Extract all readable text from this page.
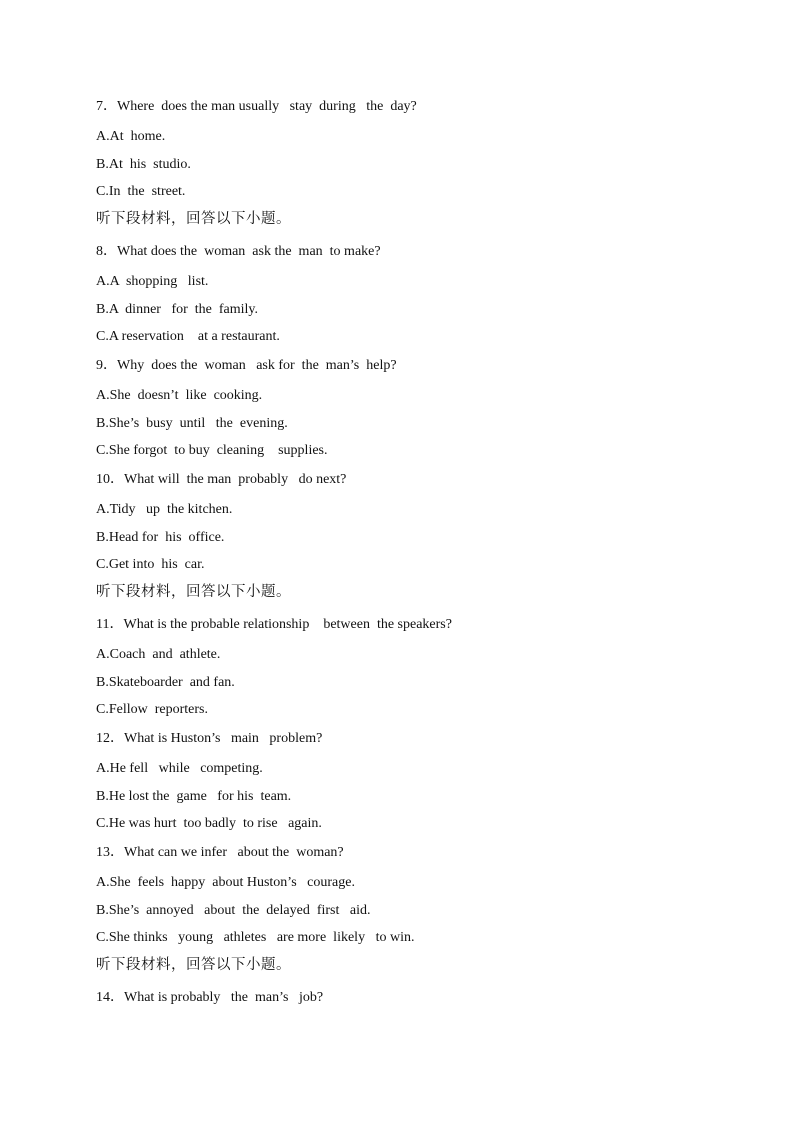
7．Where  does the man usually   stay  during   the  day?
A.At  home.
B.At  his  studio.
C.In  the  street.
听下段材料，回答以下小题。
8．What does the  woman  ask the  man  to make?
A.A  shopping   list.
B.A  dinner   for  the  family.
C.A reservation    at a restaurant.
9．Why  does the  woman   ask for  the  man’s  help?
A.She  doesn’t  like  cooking.
B.She’s  busy  until   the  evening.
C.She forgot  to buy  cleaning    supplies.
10．What will  the man  probably   do next?
A.Tidy   up  the kitchen.
B.Head for  his  office.
C.Get into  his  car.
听下段材料，回答以下小题。
11．What is the probable relationship    between  the speakers?
A.Coach  and  athlete.
B.Skateboarder  and fan.
C.Fellow  reporters.
12．What is Huston’s   main   problem?
A.He fell   while   competing.
B.He lost the  game   for his  team.
C.He was hurt  too badly  to rise   again.
13．What can we infer   about the  woman?
A.She  feels  happy  about Huston’s   courage.
B.She’s  annoyed   about  the  delayed  first   aid.
C.She thinks   young   athletes   are more  likely   to win.
听下段材料，回答以下小题。
14．What is probably   the  man’s   job?
